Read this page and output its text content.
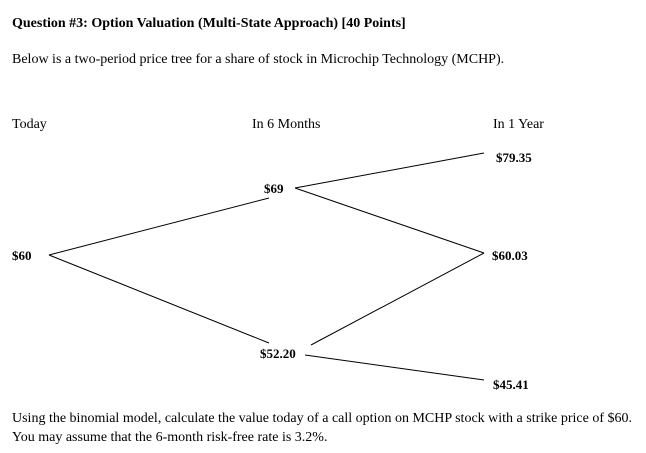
Question #3: Option Valuation (Multi-State Approach) [40 Points]
Below is a two-period price tree for a share of stock in Microchip Technology (MCHP).
Today	In 6 Months	In 1 Year
$60
$69
$52.20
$79.35
$60.03
$45.41
Using the binomial model, calculate the value today of a call option on MCHP stock with a strike price of $60. You may assume that the 6-month risk-free rate is 3.2%.
